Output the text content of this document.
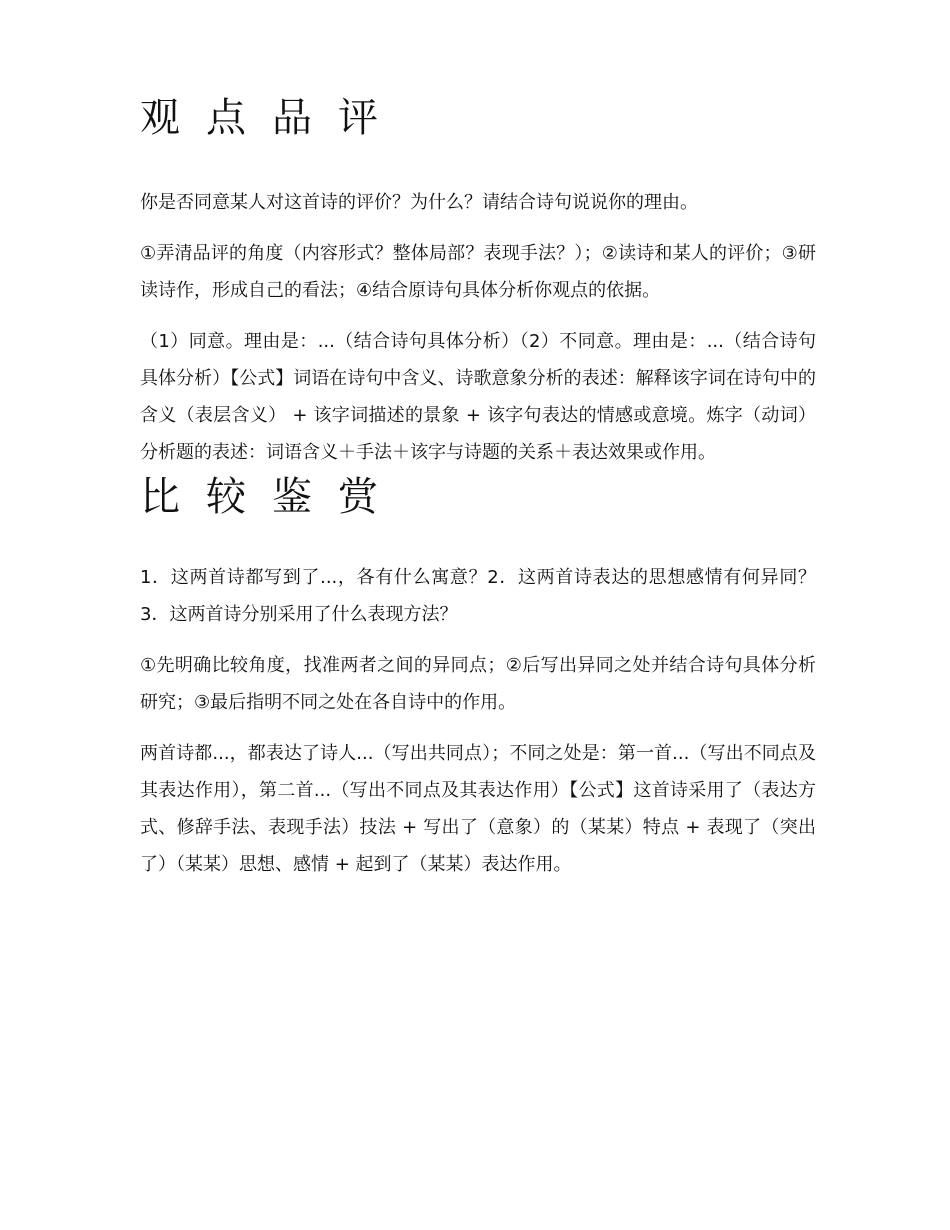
观点品评

你是否同意某人对这首诗的评价？为什么？请结合诗句说说你的理由。

①弄清品评的角度（内容形式？整体局部？表现手法？）；②读诗和某人的评价；③研读诗作，形成自己的看法；④结合原诗句具体分析你观点的依据。

（1）同意。理由是：...（结合诗句具体分析）（2）不同意。理由是：...（结合诗句具体分析）【公式】词语在诗句中含义、诗歌意象分析的表述：解释该字词在诗句中的含义（表层含义） + 该字词描述的景象 + 该字句表达的情感或意境。炼字（动词）分析题的表述：词语含义＋手法＋该字与诗题的关系＋表达效果或作用。

比较鉴赏

1．这两首诗都写到了...，各有什么寓意？2．这两首诗表达的思想感情有何异同？3．这两首诗分别采用了什么表现方法？

①先明确比较角度，找准两者之间的异同点；②后写出异同之处并结合诗句具体分析研究；③最后指明不同之处在各自诗中的作用。

两首诗都...，都表达了诗人...（写出共同点）；不同之处是：第一首...（写出不同点及其表达作用），第二首...（写出不同点及其表达作用）【公式】这首诗采用了（表达方式、修辞手法、表现手法）技法 + 写出了（意象）的（某某）特点 + 表现了（突出了）（某某）思想、感情 + 起到了（某某）表达作用。
